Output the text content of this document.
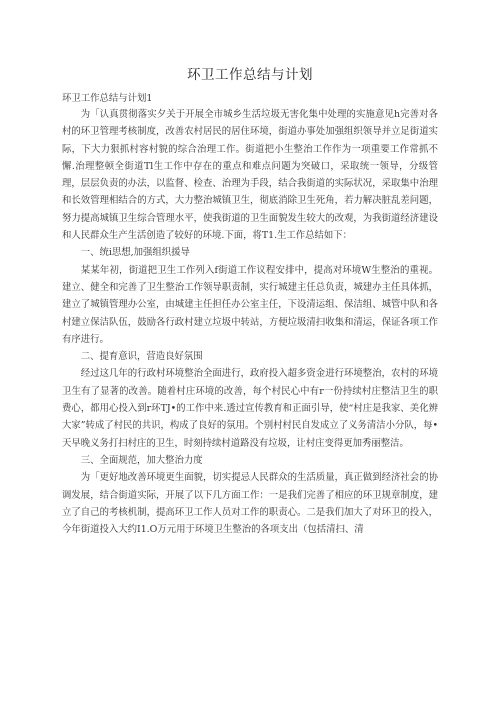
环卫工作总结与计划

环卫工作总结与计划1

为「认真贯彻落实夕关于开展全市城乡生活垃圾无害化集中处理的实施意见h完善对各村的环卫管理考核制度，改善农村居民的居住环境，街道办事处加强组织领导并立足街道实际，下大力狠抓村容村貌的综合治理工作。街道把小生整治工作作为一项重要工作常抓不懈.治理整顿全街道Tl生工作中存在的重点和难点问题为突破口，采取统一领导，分级管理，层层负责的办法，以监督、检查、治理为手段，结合我街道的实际状况，采取集中治理和长效管理相结合的方式，大力整治城镇卫生，彻底消除卫生死角，若力解决脏乱差问题，努力提高城镇卫生综合管理水平，使我街道的卫生面貌发生较大的改观，为我街道经济建设和人民群众生产生活创造了较好的环境.下面，将T1.生工作总结如下：

一、统i思想,加强组织援导

某某年初，街道把卫生工作列入f街道工作议程安排中，提高对环境W生整治的重视。建立、健全和完善了卫生整治工作领导职责制，实行城建主任总负责，城建办主任具体抓，建立了城镇管理办公室，由城建主任担任办公室主任，下设清运组、保洁组、城管中队和各村建立保洁队伍，鼓励各行政村建立垃圾中转站，方便垃圾清扫收集和清运，保证各项工作有序进行。

二、提育意识，营造良好氛围

经过这几年的行政村环境整治全面进行，政府投入超多资金进行环境整治，农村的环境卫生有了显著的改善。随着村庄环境的改善，每个村民心中有r一份持续村庄整洁卫生的职费心，都用心投入到r环TJ•的工作中来.透过宣传教育和正面引导，使“村庄是我家、美化辨大家”转成了村民的共识，构成了良好的氛用。个别村村民自发成立了义务清洁小分队，每•天早晚义务打扫村庄的卫生，时刻持续村道路没有垃圾，让村庄变得更加秀丽整洁。

三、全面规范，加大整治力度

为「更好地改善环境更生面貌，切实提忌人民群众的生活质量，真正做到经济社会的协调发展，结合街道实际，开展了以下几方面工作：一是我们完善了相应的环卫规章制度，建立了自己的考核机制，提高环卫工作人员对工作的职责心。二是我们加大了对环卫的投入，今年街道投入大约I1.O万元用于环境卫生整治的各项支出（包括清扫、清
